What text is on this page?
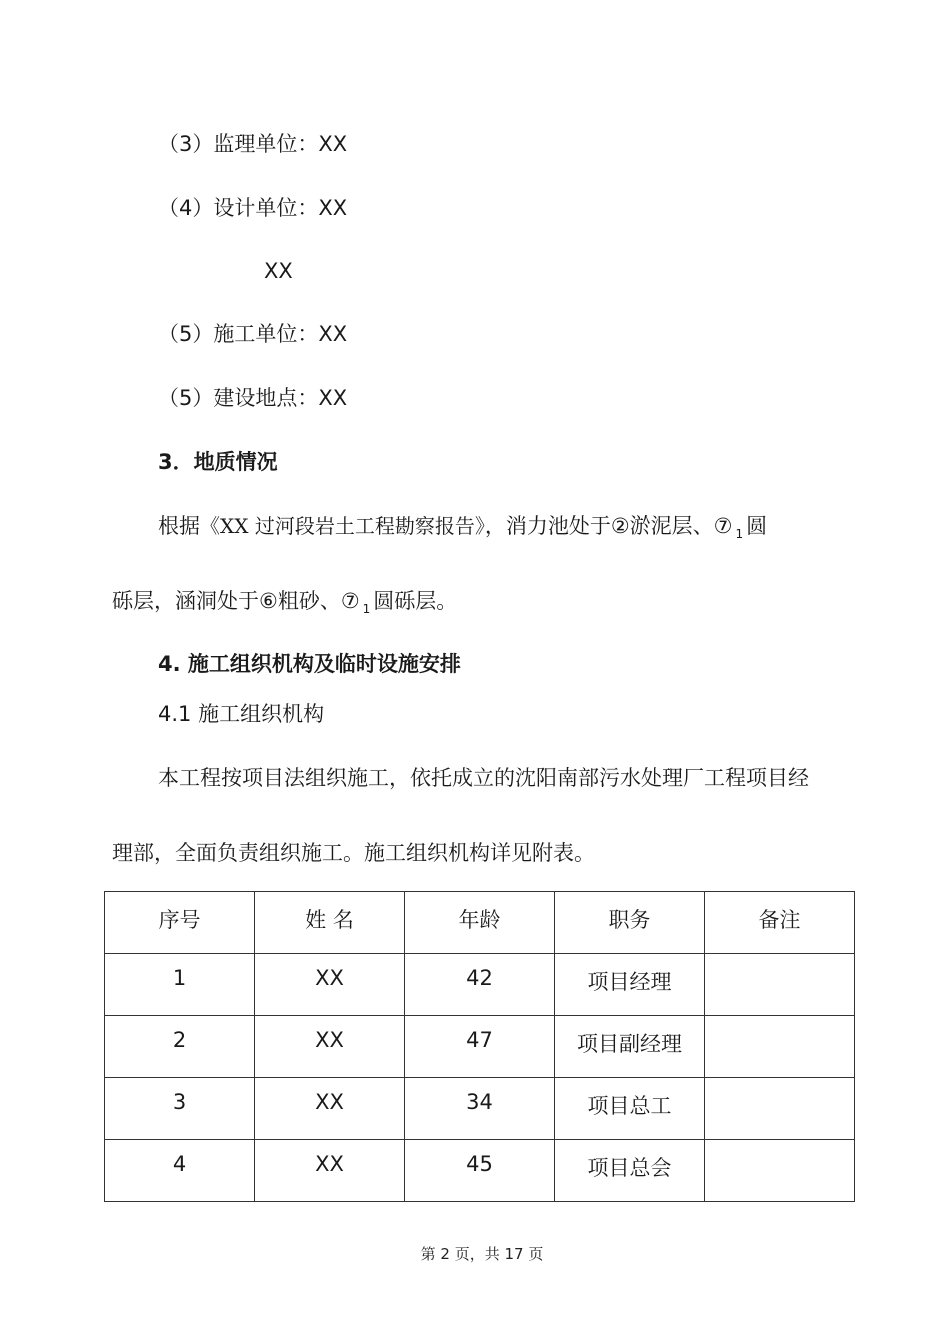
（3）监理单位：XX
（4）设计单位：XX
XX
（5）施工单位：XX
（5）建设地点：XX
3．地质情况
根据《XX 过河段岩土工程勘察报告》，消力池处于②淤泥层、⑦ $_1$ 圆
砾层，涵洞处于⑥粗砂、⑦ $_1$ 圆砾层。
4. 施工组织机构及临时设施安排
4.1 施工组织机构
本工程按项目法组织施工，依托成立的沈阳南部污水处理厂工程项目经
理部，全面负责组织施工。施工组织机构详见附表。
序号	姓 名	年龄	职务	备注
1	XX	42	项目经理	
2	XX	47	项目副经理	
3	XX	34	项目总工	
4	XX	45	项目总会	
第 2 页，共 17 页
